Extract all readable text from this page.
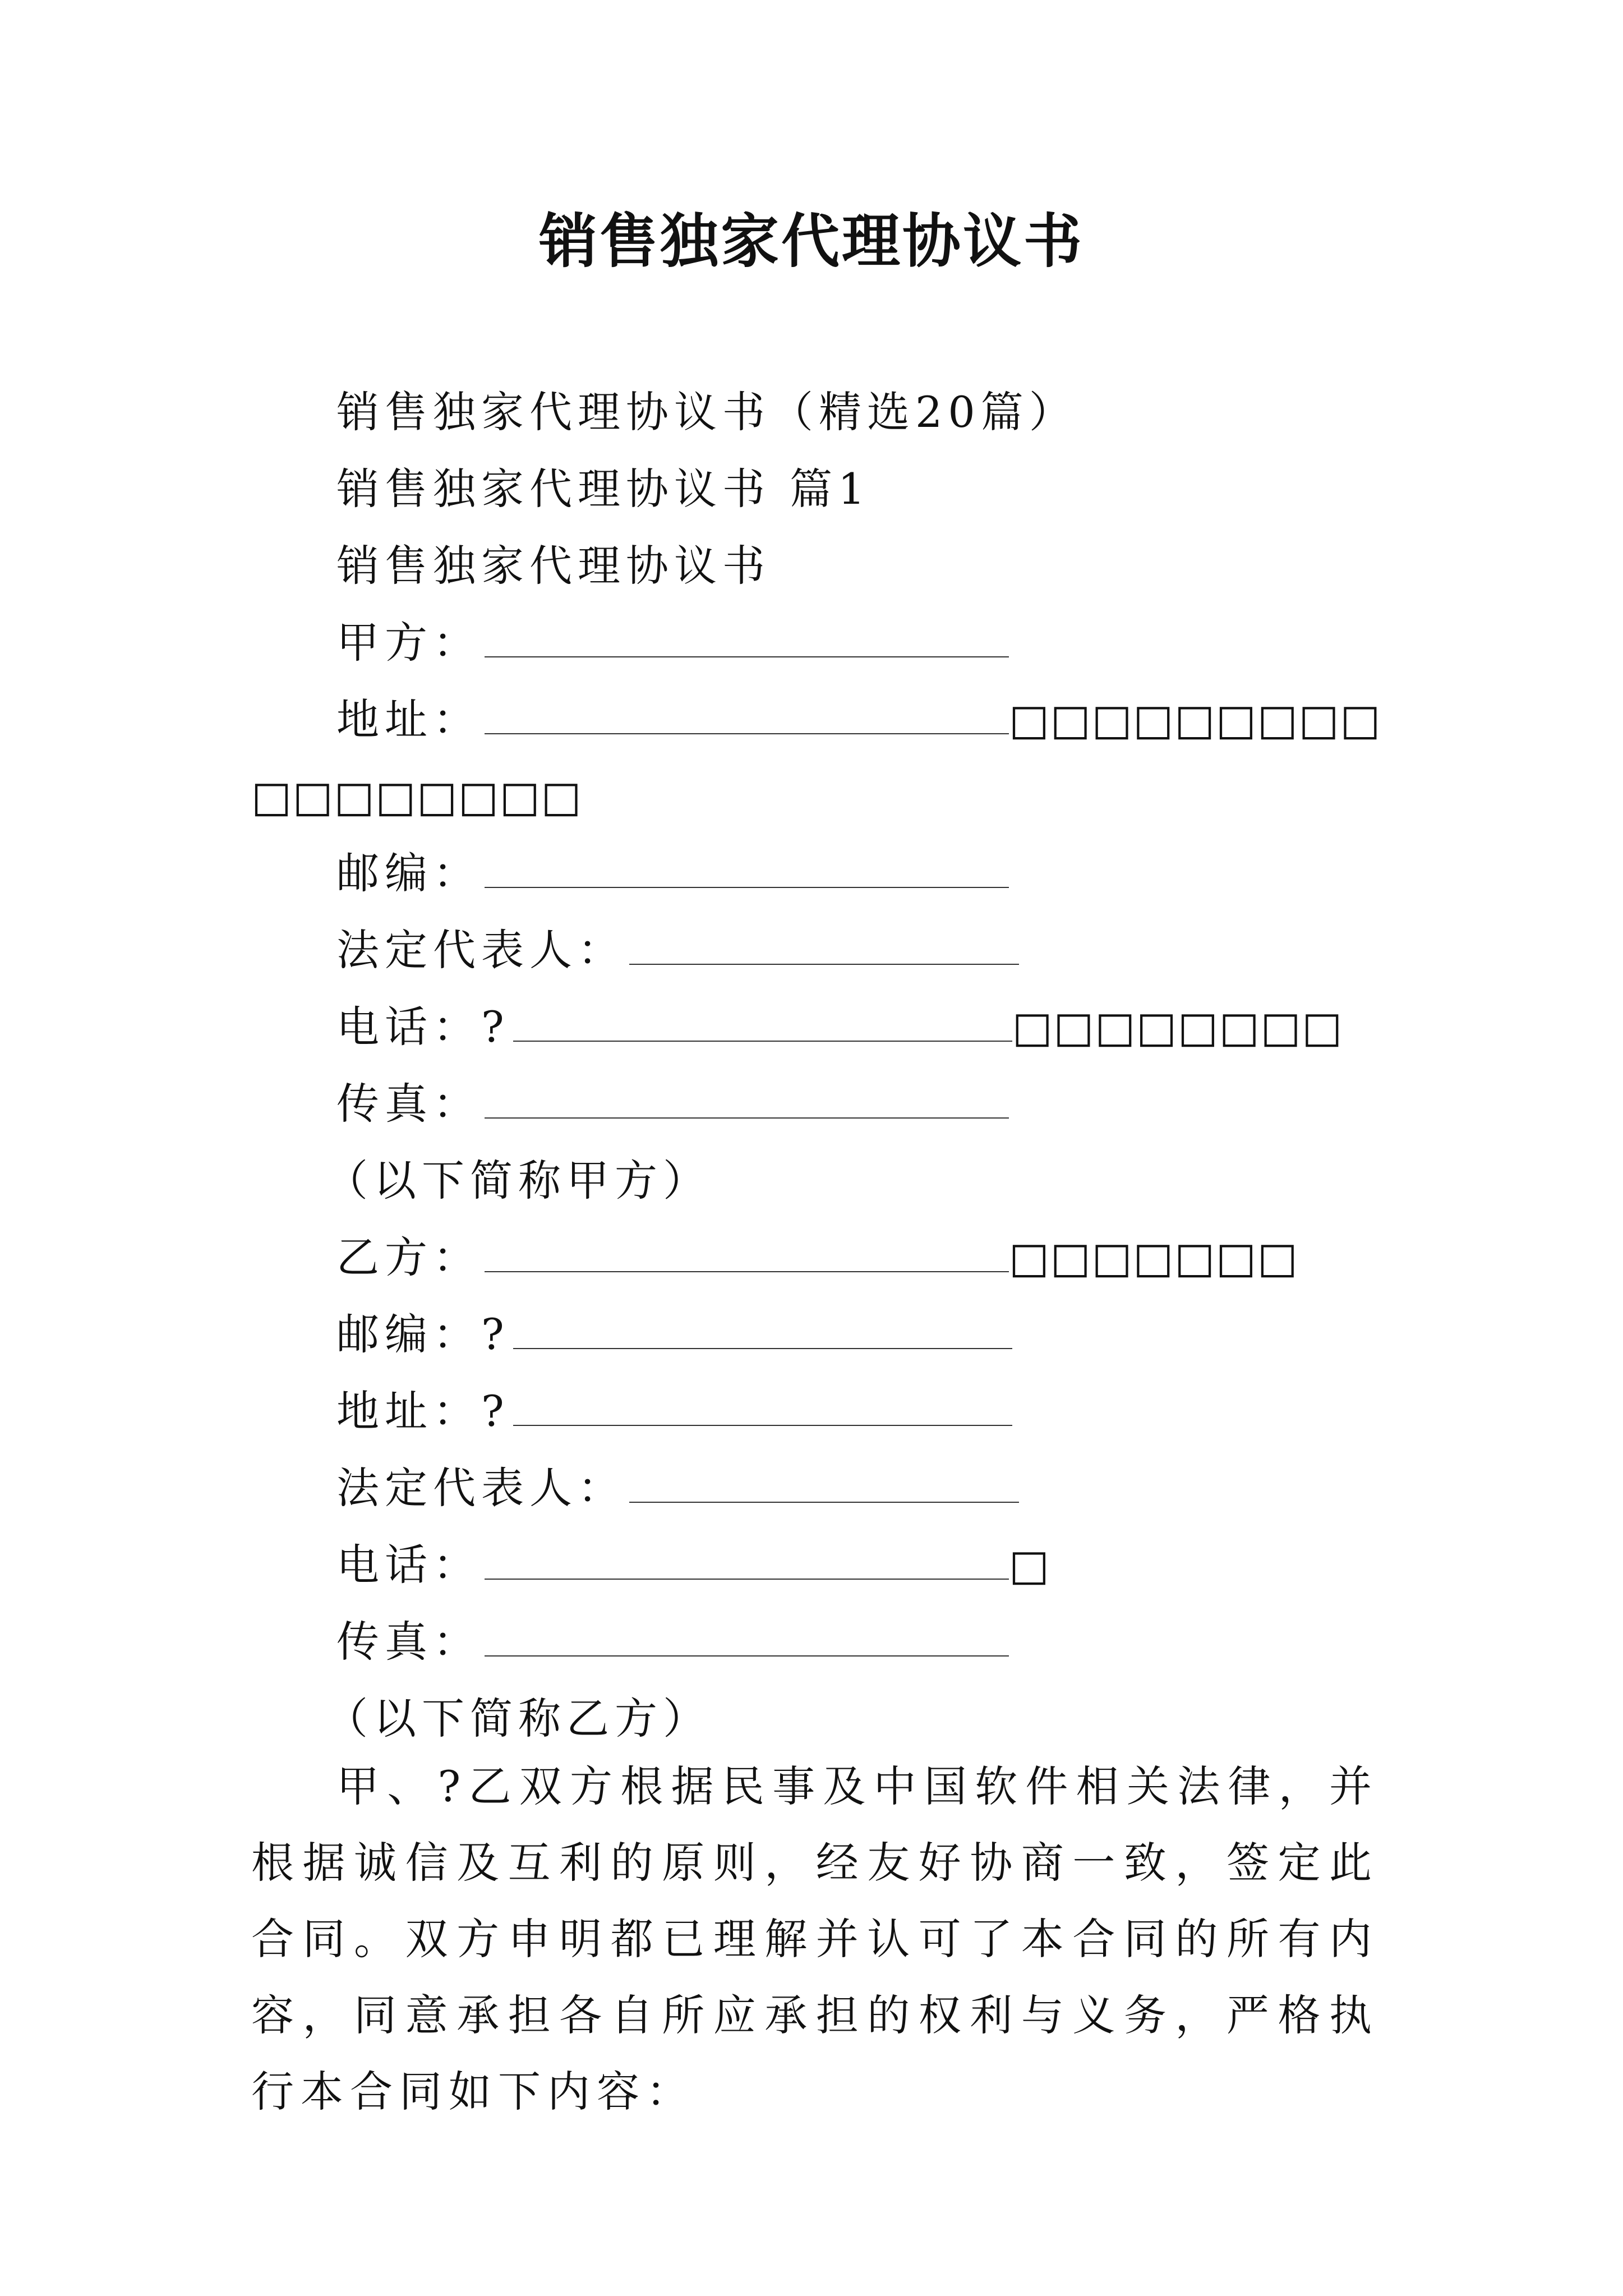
销售独家代理协议书
销售独家代理协议书（精选20篇）
销售独家代理协议书 篇1
销售独家代理协议书
甲方：
地址：	□□□□□□□□□
□□□□□□□□
邮编：
法定代表人：
电话：?	□□□□□□□□
传真：
（以下简称甲方）
乙方：	□□□□□□□
邮编：?
地址：?
法定代表人：
电话：	□
传真：
（以下简称乙方）

甲、?乙双方根据民事及中国软件相关法律，并根据诚信及互利的原则，经友好协商一致，签定此合同。双方申明都已理解并认可了本合同的所有内容，同意承担各自所应承担的权利与义务，严格执行本合同如下内容：
